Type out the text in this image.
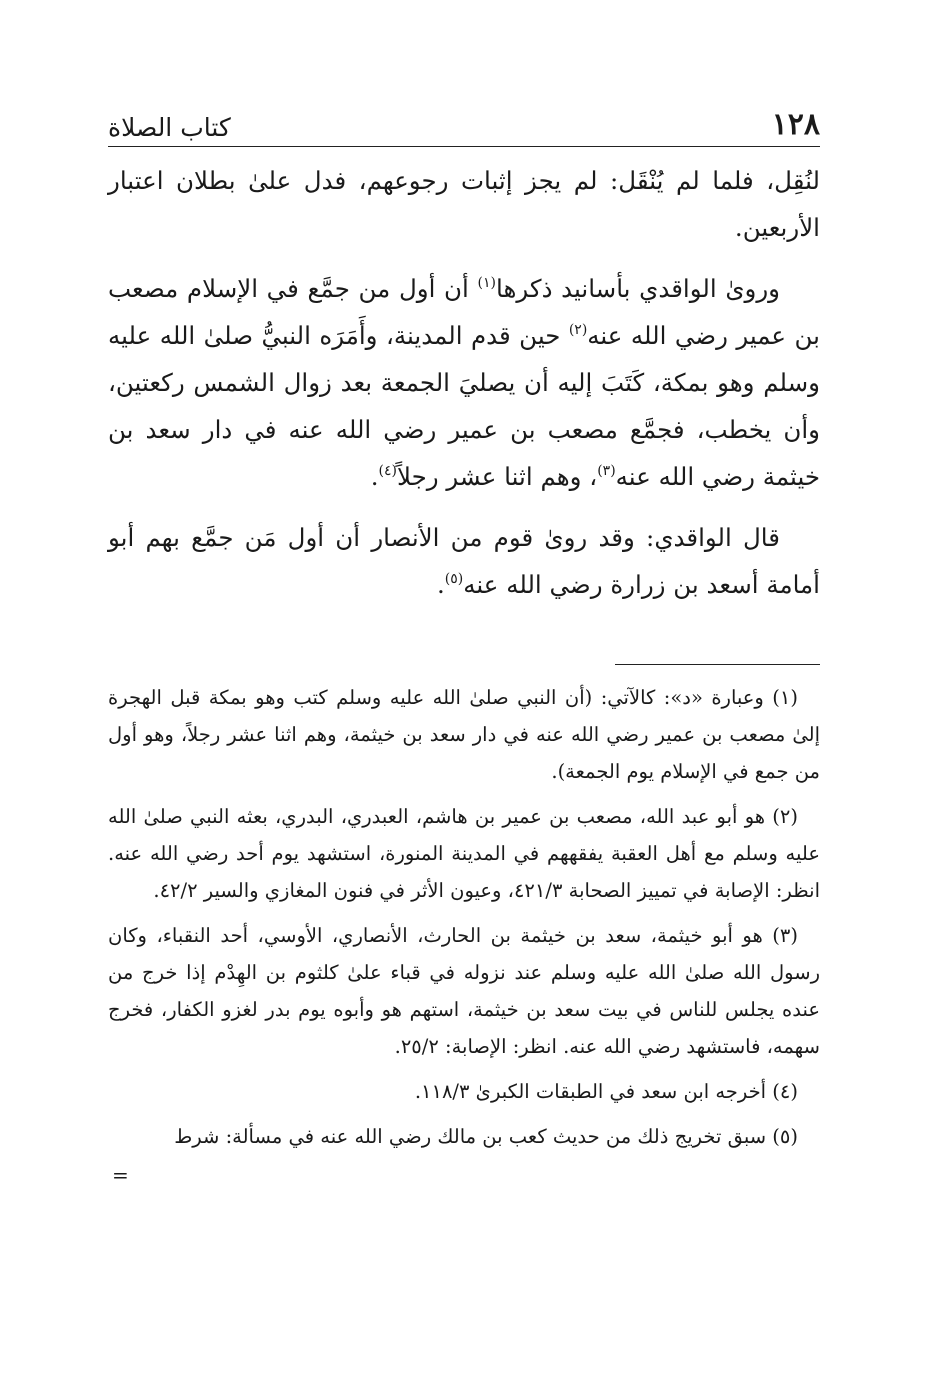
١٢٨
كتاب الصلاة

لنُقِل، فلما لم يُنْقَل: لم يجز إثبات رجوعهم، فدل علىٰ بطلان اعتبار الأربعين.

وروىٰ الواقدي بأسانيد ذكرها$^{(١)}$ أن أول من جمَّع في الإسلام مصعب بن عمير رضي الله عنه$^{(٢)}$ حين قدم المدينة، وأَمَرَه النبيُّ صلىٰ الله عليه وسلم وهو بمكة، كَتَبَ إليه أن يصليَ الجمعة بعد زوال الشمس ركعتين، وأن يخطب، فجمَّع مصعب بن عمير رضي الله عنه في دار سعد بن خيثمة رضي الله عنه$^{(٣)}$، وهم اثنا عشر رجلاً$^{(٤)}$.

قال الواقدي: وقد روىٰ قوم من الأنصار أن أول مَن جمَّع بهم أبو أمامة أسعد بن زرارة رضي الله عنه$^{(٥)}$.

(١) وعبارة «د»: كالآتي: (أن النبي صلىٰ الله عليه وسلم كتب وهو بمكة قبل الهجرة إلىٰ مصعب بن عمير رضي الله عنه في دار سعد بن خيثمة، وهم اثنا عشر رجلاً، وهو أول من جمع في الإسلام يوم الجمعة).

(٢) هو أبو عبد الله، مصعب بن عمير بن هاشم، العبدري، البدري، بعثه النبي صلىٰ الله عليه وسلم مع أهل العقبة يفقههم في المدينة المنورة، استشهد يوم أحد رضي الله عنه. انظر: الإصابة في تمييز الصحابة ٤٢١/٣، وعيون الأثر في فنون المغازي والسير ٤٢/٢.

(٣) هو أبو خيثمة، سعد بن خيثمة بن الحارث، الأنصاري، الأوسي، أحد النقباء، وكان رسول الله صلىٰ الله عليه وسلم عند نزوله في قباء علىٰ كلثوم بن الهِدْم إذا خرج من عنده يجلس للناس في بيت سعد بن خيثمة، استهم هو وأبوه يوم بدر لغزو الكفار، فخرج سهمه، فاستشهد رضي الله عنه. انظر: الإصابة: ٢٥/٢.

(٤) أخرجه ابن سعد في الطبقات الكبرىٰ ١١٨/٣.

(٥) سبق تخريج ذلك من حديث كعب بن مالك رضي الله عنه في مسألة: شرط

=
